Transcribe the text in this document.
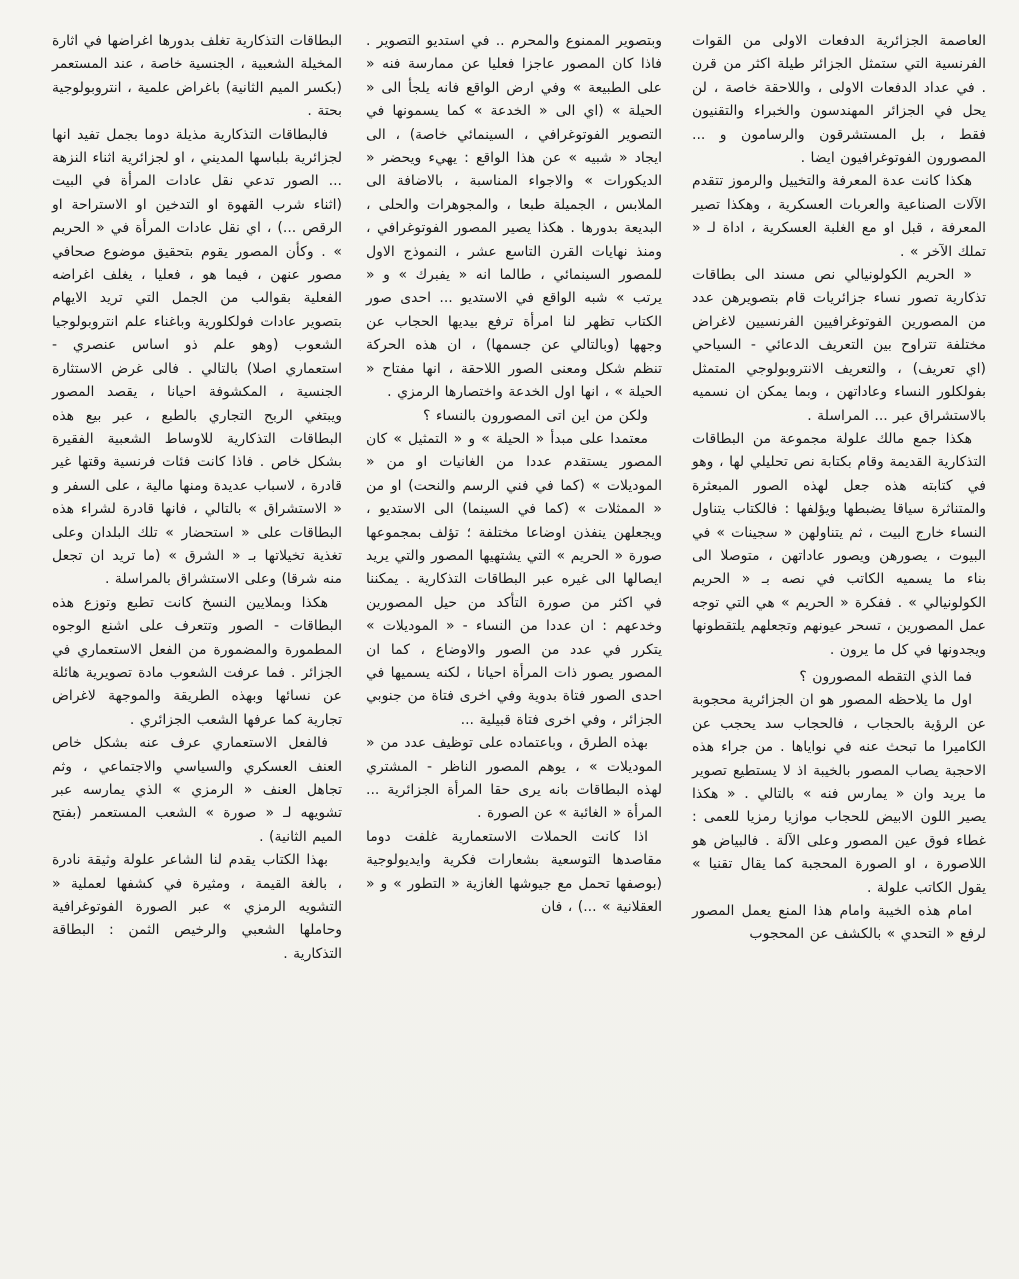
العاصمة الجزائرية الدفعات الاولى من القوات الفرنسية التي ستمثل الجزائر طيلة اكثر من قرن . في عداد الدفعات الاولى ، واللاحقة خاصة ، لن يحل في الجزائر المهندسون والخبراء والتقنيون فقط ، بل المستشرقون والرسامون و ... المصورون الفوتوغرافيون ايضا .

هكذا كانت عدة المعرفة والتخييل والرموز تتقدم الآلات الصناعية والعربات العسكرية ، وهكذا تصير المعرفة ، قبل او مع الغلبة العسكرية ، اداة لـ « تملك الآخر » .

« الحريم الكولونيالي نص مسند الى بطاقات تذكارية تصور نساء جزائريات قام بتصويرهن عدد من المصورين الفوتوغرافيين الفرنسيين لاغراض مختلفة تتراوح بين التعريف الدعائي - السياحي (اي تعريف) ، والتعريف الانتروبولوجي المتمثل بفولكلور النساء وعاداتهن ، وبما يمكن ان نسميه بالاستشراق عبر ... المراسلة .

هكذا جمع مالك علولة مجموعة من البطاقات التذكارية القديمة وقام بكتابة نص تحليلي لها ، وهو في كتابته هذه جعل لهذه الصور المبعثرة والمتناثرة سياقا يضبطها ويؤلفها : فالكتاب يتناول النساء خارج البيت ، ثم يتناولهن « سجينات » في البيوت ، يصورهن ويصور عاداتهن ، متوصلا الى بناء ما يسميه الكاتب في نصه بـ « الحريم الكولونيالي » . ففكرة « الحريم » هي التي توجه عمل المصورين ، تسحر عيونهم وتجعلهم يلتقطونها ويجدونها في كل ما يرون .

فما الذي التقطه المصورون ؟

اول ما يلاحظه المصور هو ان الجزائرية محجوبة عن الرؤية بالحجاب ، فالحجاب سد يحجب عن الكاميرا ما تبحث عنه في نواياها . من جراء هذه الاحجبة يصاب المصور بالخيبة اذ لا يستطيع تصوير ما يريد وان « يمارس فنه » بالتالي . « هكذا يصير اللون الابيض للحجاب موازيا رمزيا للعمى : غطاء فوق عين المصور وعلى الآلة . فالبياض هو اللاصورة ، او الصورة المحجبة كما يقال تقنيا » يقول الكاتب علولة .

امام هذه الخيبة وامام هذا المنع يعمل المصور لرفع « التحدي » بالكشف عن المحجوب

وبتصوير الممنوع والمحرم .. في استديو التصوير . فاذا كان المصور عاجزا فعليا عن ممارسة فنه « على الطبيعة » وفي ارض الواقع فانه يلجأ الى « الحيلة » (اي الى « الخدعة » كما يسمونها في التصوير الفوتوغرافي ، السينمائي خاصة) ، الى ايجاد « شبيه » عن هذا الواقع : يهيء ويحضر « الديكورات » والاجواء المناسبة ، بالاضافة الى الملابس ، الجميلة طبعا ، والمجوهرات والحلى ، البديعة بدورها . هكذا يصير المصور الفوتوغرافي ، ومنذ نهايات القرن التاسع عشر ، النموذج الاول للمصور السينمائي ، طالما انه « يفبرك » و « يرتب » شبه الواقع في الاستديو ... احدى صور الكتاب تظهر لنا امرأة ترفع بيديها الحجاب عن وجهها (وبالتالي عن جسمها) ، ان هذه الحركة تنظم شكل ومعنى الصور اللاحقة ، انها مفتاح « الحيلة » ، انها اول الخدعة واختصارها الرمزي .

ولكن من اين اتى المصورون بالنساء ؟

معتمدا على مبدأ « الحيلة » و « التمثيل » كان المصور يستقدم عددا من الغانيات او من « الموديلات » (كما في فني الرسم والنحت) او من « الممثلات » (كما في السينما) الى الاستديو ، ويجعلهن ينفذن اوضاعا مختلفة ؛ تؤلف بمجموعها صورة « الحريم » التي يشتهيها المصور والتي يريد ايصالها الى غيره عبر البطاقات التذكارية . يمكننا في اكثر من صورة التأكد من حيل المصورين وخدعهم : ان عددا من النساء - « الموديلات » يتكرر في عدد من الصور والاوضاع ، كما ان المصور يصور ذات المرأة احيانا ، لكنه يسميها في احدى الصور فتاة بدوية وفي اخرى فتاة من جنوبي الجزائر ، وفي اخرى فتاة قبيلية ...

بهذه الطرق ، وباعتماده على توظيف عدد من « الموديلات » ، يوهم المصور الناظر - المشتري لهذه البطاقات بانه يرى حقا المرأة الجزائرية ... المرأة « الغائبة » عن الصورة .

اذا كانت الحملات الاستعمارية غلفت دوما مقاصدها التوسعية بشعارات فكرية وايديولوجية (بوصفها تحمل مع جيوشها الغازية « التطور » و « العقلانية » ...) ، فان

البطاقات التذكارية تغلف بدورها اغراضها في اثارة المخيلة الشعبية ، الجنسية خاصة ، عند المستعمر (بكسر الميم الثانية) باغراض علمية ، انتروبولوجية بحتة .

فالبطاقات التذكارية مذيلة دوما بجمل تفيد انها لجزائرية بلباسها المديني ، او لجزائرية اثناء النزهة ... الصور تدعي نقل عادات المرأة في البيت (اثناء شرب القهوة او التدخين او الاستراحة او الرقص ...) ، اي نقل عادات المرأة في « الحريم » . وكأن المصور يقوم بتحقيق موضوع صحافي مصور عنهن ، فيما هو ، فعليا ، يغلف اغراضه الفعلية بقوالب من الجمل التي تريد الايهام بتصوير عادات فولكلورية وباغناء علم انتروبولوجيا الشعوب (وهو علم ذو اساس عنصري - استعماري اصلا) بالتالي . فالى غرض الاستثارة الجنسية ، المكشوفة احيانا ، يقصد المصور ويبتغي الربح التجاري بالطبع ، عبر بيع هذه البطاقات التذكارية للاوساط الشعبية الفقيرة بشكل خاص . فاذا كانت فئات فرنسية وقتها غير قادرة ، لاسباب عديدة ومنها مالية ، على السفر و « الاستشراق » بالتالي ، فانها قادرة لشراء هذه البطاقات على « استحضار » تلك البلدان وعلى تغذية تخيلاتها بـ « الشرق » (ما تريد ان تجعل منه شرقا) وعلى الاستشراق بالمراسلة .

هكذا وبملايين النسخ كانت تطبع وتوزع هذه البطاقات - الصور وتتعرف على اشنع الوجوه المطمورة والمضمورة من الفعل الاستعماري في الجزائر . فما عرفت الشعوب مادة تصويرية هائلة عن نسائها وبهذه الطريقة والموجهة لاغراض تجارية كما عرفها الشعب الجزائري .

فالفعل الاستعماري عرف عنه بشكل خاص العنف العسكري والسياسي والاجتماعي ، وثم تجاهل العنف « الرمزي » الذي يمارسه عبر تشويهه لـ « صورة » الشعب المستعمر (بفتح الميم الثانية) .

بهذا الكتاب يقدم لنا الشاعر علولة وثيقة نادرة ، بالغة القيمة ، ومثيرة في كشفها لعملية « التشويه الرمزي » عبر الصورة الفوتوغرافية وحاملها الشعبي والرخيص الثمن : البطاقة التذكارية .
